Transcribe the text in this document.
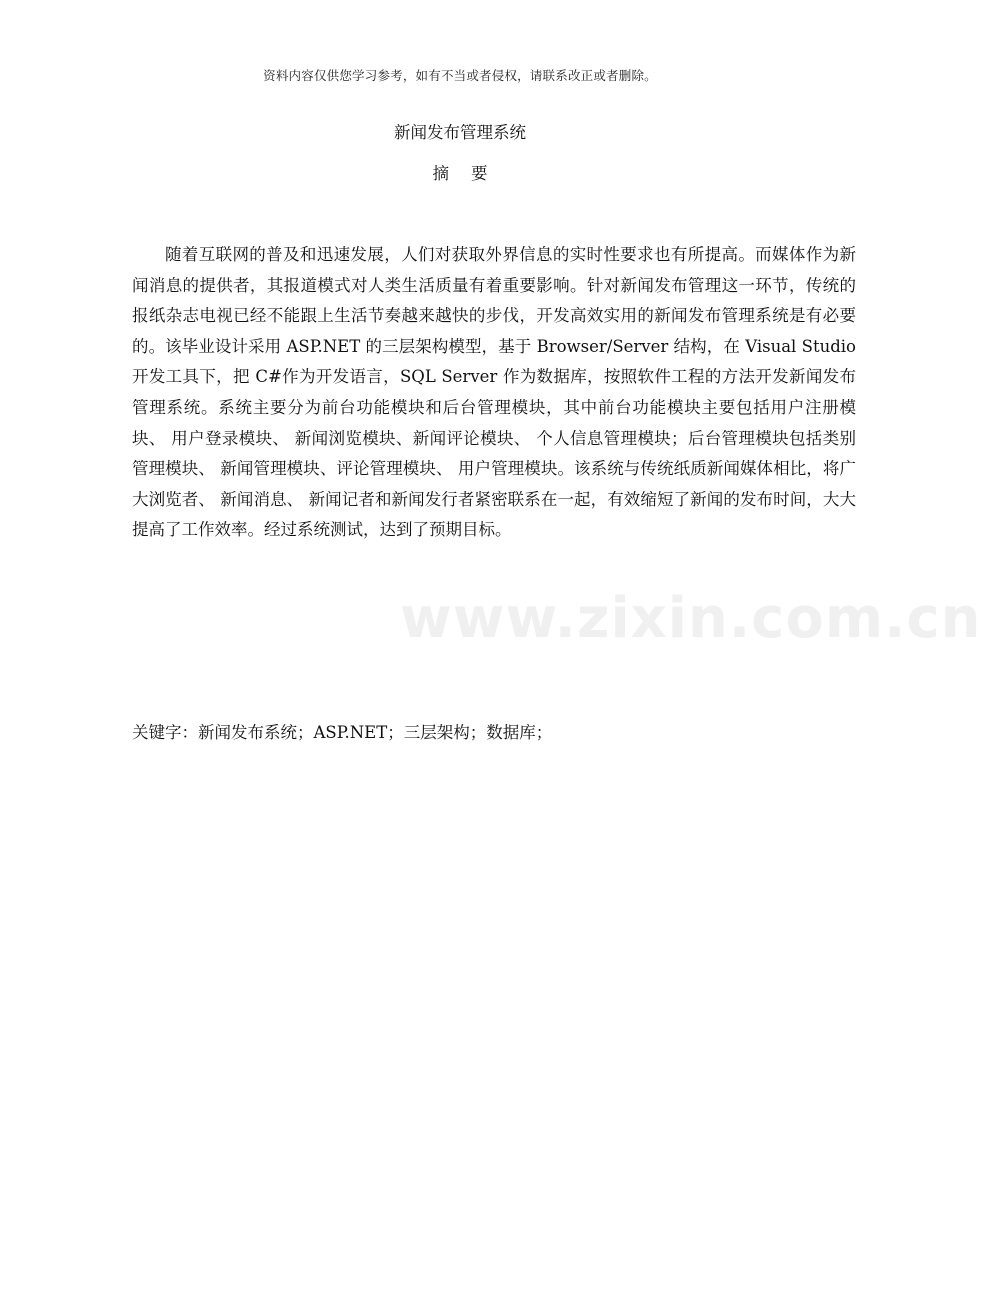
资料内容仅供您学习参考，如有不当或者侵权，请联系改正或者删除。
新闻发布管理系统
摘要

随着互联网的普及和迅速发展，人们对获取外界信息的实时性要求也有所提高。而媒体作为新闻消息的提供者，其报道模式对人类生活质量有着重要影响。针对新闻发布管理这一环节，传统的报纸杂志电视已经不能跟上生活节奏越来越快的步伐，开发高效实用的新闻发布管理系统是有必要的。该毕业设计采用 ASP.NET 的三层架构模型，基于 Browser/Server 结构，在 Visual Studio 开发工具下，把 C#作为开发语言，SQL Server 作为数据库，按照软件工程的方法开发新闻发布管理系统。系统主要分为前台功能模块和后台管理模块，其中前台功能模块主要包括用户注册模块、 用户登录模块、 新闻浏览模块、新闻评论模块、 个人信息管理模块；后台管理模块包括类别管理模块、 新闻管理模块、评论管理模块、 用户管理模块。该系统与传统纸质新闻媒体相比，将广大浏览者、 新闻消息、 新闻记者和新闻发行者紧密联系在一起，有效缩短了新闻的发布时间，大大提高了工作效率。经过系统测试，达到了预期目标。

关键字：新闻发布系统；ASP.NET；三层架构；数据库；

www.zixin.com.cn
